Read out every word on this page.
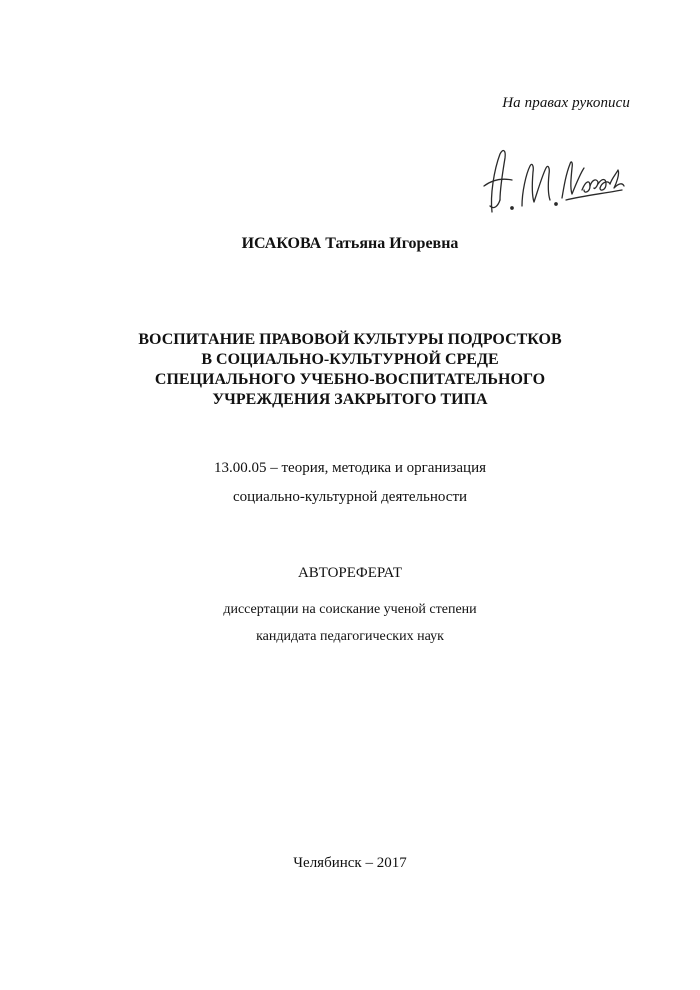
На правах рукописи
ИСАКОВА Татьяна Игоревна
ВОСПИТАНИЕ ПРАВОВОЙ КУЛЬТУРЫ ПОДРОСТКОВ
В СОЦИАЛЬНО-КУЛЬТУРНОЙ СРЕДЕ
СПЕЦИАЛЬНОГО УЧЕБНО-ВОСПИТАТЕЛЬНОГО
УЧРЕЖДЕНИЯ ЗАКРЫТОГО ТИПА
13.00.05 – теория, методика и организация
социально-культурной деятельности
АВТОРЕФЕРАТ
диссертации на соискание ученой степени
кандидата педагогических наук
Челябинск – 2017
